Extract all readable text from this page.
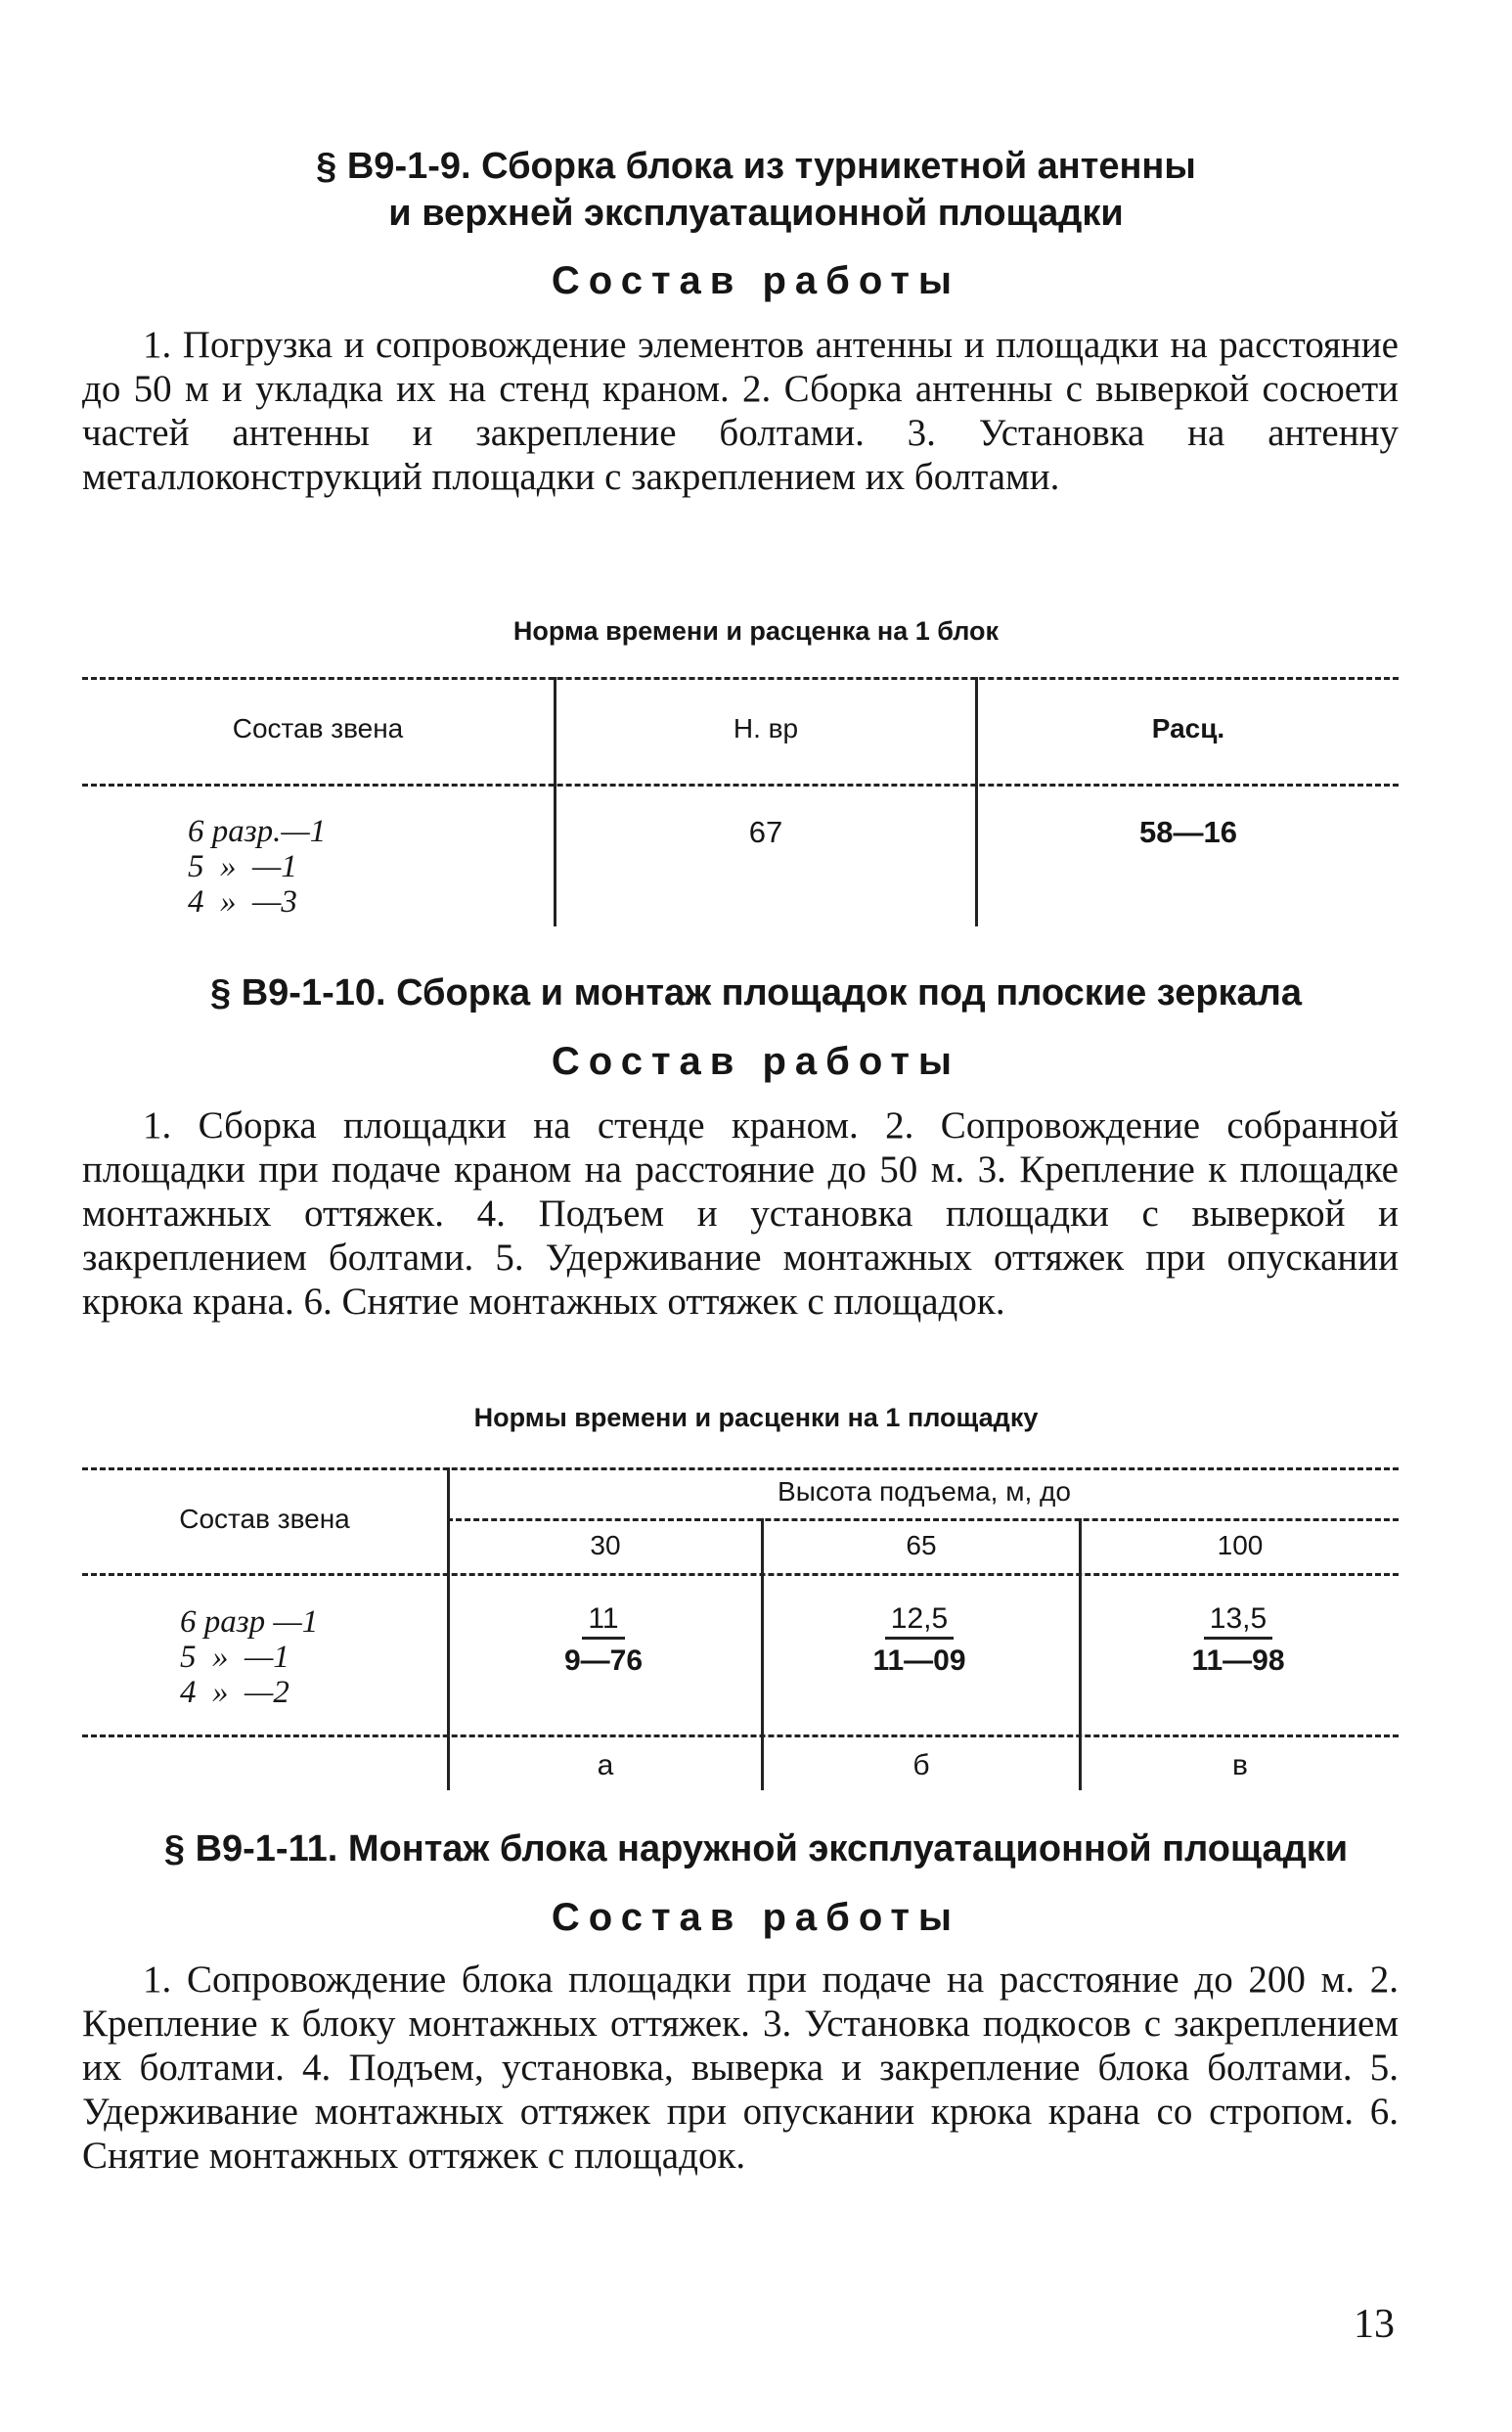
§ В9-1-9. Сборка блока из турникетной антенны
и верхней эксплуатационной площадки
Состав работы
1. Погрузка и сопровождение элементов антенны и площадки на расстояние до 50 м и укладка их на стенд краном. 2. Сборка антенны с выверкой сосюети частей антенны и закрепление болтами. 3. Установка на антенну металлоконструкций площадки с закреплением их болтами.
Норма времени и расценка на 1 блок
Состав звена	Н. вр	Расц.
6 разр.—1
5  »  —1
4  »  —3
67	58—16
§ В9-1-10. Сборка и монтаж площадок под плоские зеркала
Состав работы
1. Сборка площадки на стенде краном. 2. Сопровождение собранной площадки при подаче краном на расстояние до 50 м. 3. Крепление к площадке монтажных оттяжек. 4. Подъем и установка площадки с выверкой и закреплением болтами. 5. Удерживание монтажных оттяжек при опускании крюка крана. 6. Снятие монтажных оттяжек с площадок.
Нормы времени и расценки на 1 площадку
Состав звена
Высота подъема, м, до
30	65	100
6 разр —1
5  »  —1
4  »  —2
$\frac{11}{9—76}$	$\frac{12,5}{11—09}$	$\frac{13,5}{11—98}$
а	б	в
§ В9-1-11. Монтаж блока наружной эксплуатационной площадки
Состав работы
1. Сопровождение блока площадки при подаче на расстояние до 200 м. 2. Крепление к блоку монтажных оттяжек. 3. Установка подкосов с закреплением их болтами. 4. Подъем, установка, выверка и закрепление блока болтами. 5. Удерживание монтажных оттяжек при опускании крюка крана со стропом. 6. Снятие монтажных оттяжек с площадок.
13
